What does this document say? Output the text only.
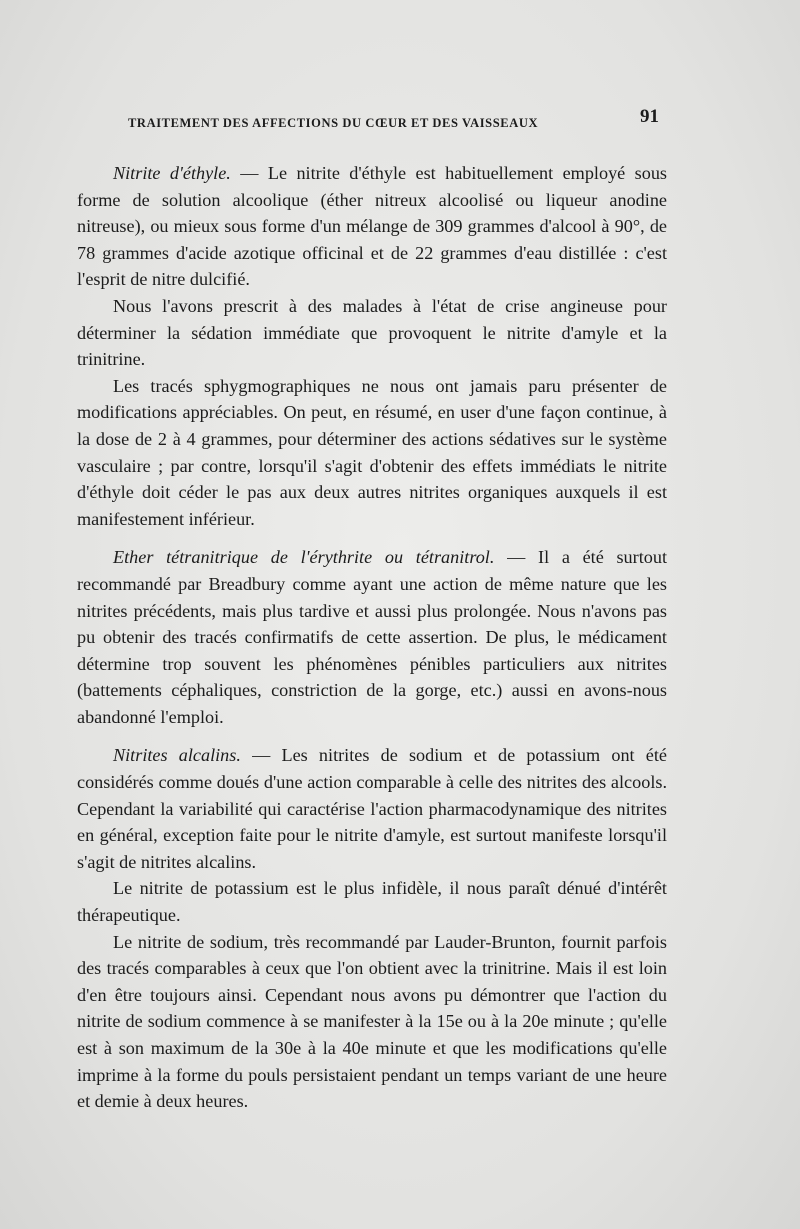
TRAITEMENT DES AFFECTIONS DU CŒUR ET DES VAISSEAUX	91

Nitrite d'éthyle. — Le nitrite d'éthyle est habituellement employé sous forme de solution alcoolique (éther nitreux alcoolisé ou liqueur anodine nitreuse), ou mieux sous forme d'un mélange de 309 grammes d'alcool à 90°, de 78 grammes d'acide azotique officinal et de 22 grammes d'eau distillée : c'est l'esprit de nitre dulcifié.

Nous l'avons prescrit à des malades à l'état de crise angineuse pour déterminer la sédation immédiate que provoquent le nitrite d'amyle et la trinitrine.

Les tracés sphygmographiques ne nous ont jamais paru présenter de modifications appréciables. On peut, en résumé, en user d'une façon continue, à la dose de 2 à 4 grammes, pour déterminer des actions sédatives sur le système vasculaire ; par contre, lorsqu'il s'agit d'obtenir des effets immédiats le nitrite d'éthyle doit céder le pas aux deux autres nitrites organiques auxquels il est manifestement inférieur.

Ether tétranitrique de l'érythrite ou tétranitrol. — Il a été surtout recommandé par Breadbury comme ayant une action de même nature que les nitrites précédents, mais plus tardive et aussi plus prolongée. Nous n'avons pas pu obtenir des tracés confirmatifs de cette assertion. De plus, le médicament détermine trop souvent les phénomènes pénibles particuliers aux nitrites (battements céphaliques, constriction de la gorge, etc.) aussi en avons-nous abandonné l'emploi.

Nitrites alcalins. — Les nitrites de sodium et de potassium ont été considérés comme doués d'une action comparable à celle des nitrites des alcools. Cependant la variabilité qui caractérise l'action pharmacodynamique des nitrites en général, exception faite pour le nitrite d'amyle, est surtout manifeste lorsqu'il s'agit de nitrites alcalins.

Le nitrite de potassium est le plus infidèle, il nous paraît dénué d'intérêt thérapeutique.

Le nitrite de sodium, très recommandé par Lauder-Brunton, fournit parfois des tracés comparables à ceux que l'on obtient avec la trinitrine. Mais il est loin d'en être toujours ainsi. Cependant nous avons pu démontrer que l'action du nitrite de sodium commence à se manifester à la 15e ou à la 20e minute ; qu'elle est à son maximum de la 30e à la 40e minute et que les modifications qu'elle imprime à la forme du pouls persistaient pendant un temps variant de une heure et demie à deux heures.
